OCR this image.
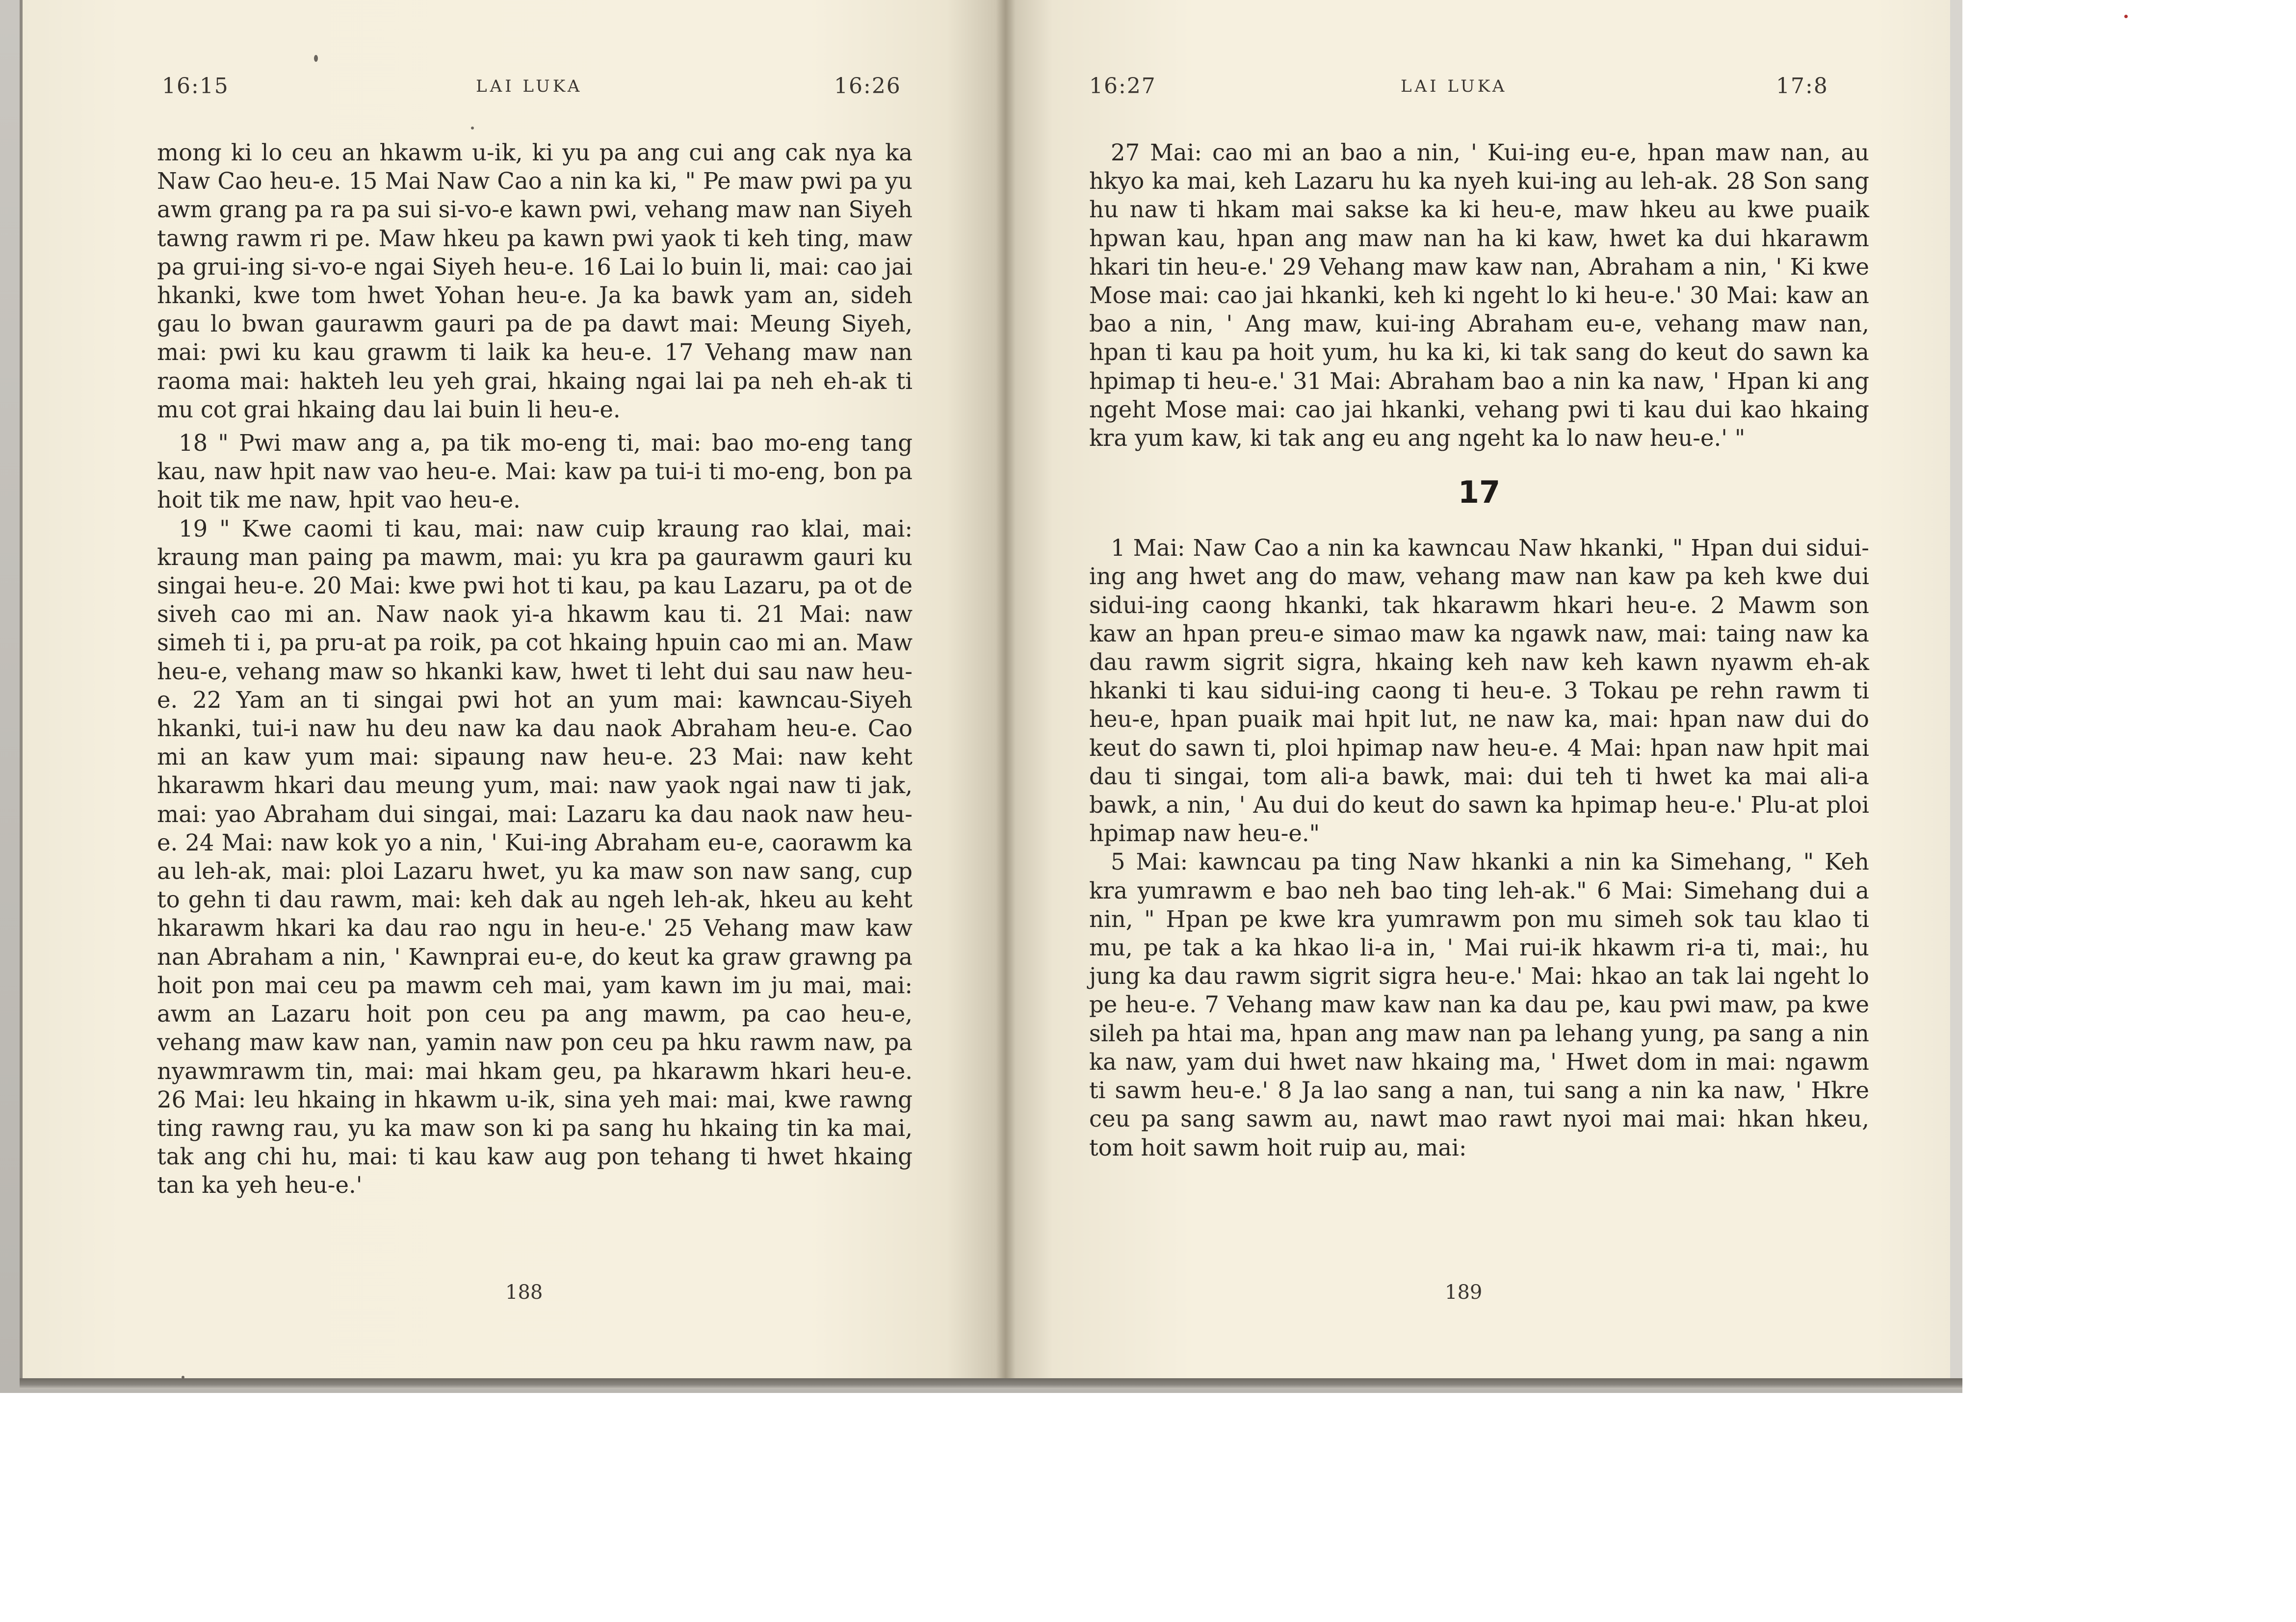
16:15	LAI LUKA	16:26

mong ki lo ceu an hkawm u-ik, ki yu pa ang cui ang cak nya ka Naw Cao heu-e. 15 Mai Naw Cao a nin ka ki, " Pe maw pwi pa yu awm grang pa ra pa sui si-vo-e kawn pwi, vehang maw nan Siyeh tawng rawm ri pe. Maw hkeu pa kawn pwi yaok ti keh ting, maw pa grui-ing si-vo-e ngai Siyeh heu-e. 16 Lai lo buin li, mai: cao jai hkanki, kwe tom hwet Yohan heu-e. Ja ka bawk yam an, sideh gau lo bwan gaurawm gauri pa de pa dawt mai: Meung Siyeh, mai: pwi ku kau grawm ti laik ka heu-e. 17 Vehang maw nan raoma mai: hakteh leu yeh grai, hkaing ngai lai pa neh eh-ak ti mu cot grai hkaing dau lai buin li heu-e.

18 " Pwi maw ang a, pa tik mo-eng ti, mai: bao mo-eng tang kau, naw hpit naw vao heu-e. Mai: kaw pa tui-i ti mo-eng, bon pa hoit tik me naw, hpit vao heu-e.

19 " Kwe caomi ti kau, mai: naw cuip kraung rao klai, mai: kraung man paing pa mawm, mai: yu kra pa gaurawm gauri ku singai heu-e. 20 Mai: kwe pwi hot ti kau, pa kau Lazaru, pa ot de siveh cao mi an. Naw naok yi-a hkawm kau ti. 21 Mai: naw simeh ti i, pa pru-at pa roik, pa cot hkaing hpuin cao mi an. Maw heu-e, vehang maw so hkanki kaw, hwet ti leht dui sau naw heu-e. 22 Yam an ti singai pwi hot an yum mai: kawncau-Siyeh hkanki, tui-i naw hu deu naw ka dau naok Abraham heu-e. Cao mi an kaw yum mai: sipaung naw heu-e. 23 Mai: naw keht hkarawm hkari dau meung yum, mai: naw yaok ngai naw ti jak, mai: yao Abraham dui singai, mai: Lazaru ka dau naok naw heu-e. 24 Mai: naw kok yo a nin, ' Kui-ing Abraham eu-e, caorawm ka au leh-ak, mai: ploi Lazaru hwet, yu ka maw son naw sang, cup to gehn ti dau rawm, mai: keh dak au ngeh leh-ak, hkeu au keht hkarawm hkari ka dau rao ngu in heu-e.' 25 Vehang maw kaw nan Abraham a nin, ' Kawnprai eu-e, do keut ka graw grawng pa hoit pon mai ceu pa mawm ceh mai, yam kawn im ju mai, mai: awm an Lazaru hoit pon ceu pa ang mawm, pa cao heu-e, vehang maw kaw nan, yamin naw pon ceu pa hku rawm naw, pa nyawmrawm tin, mai: mai hkam geu, pa hkarawm hkari heu-e. 26 Mai: leu hkaing in hkawm u-ik, sina yeh mai: mai, kwe rawng ting rawng rau, yu ka maw son ki pa sang hu hkaing tin ka mai, tak ang chi hu, mai: ti kau kaw aug pon tehang ti hwet hkaing tan ka yeh heu-e.'

188
16:27	LAI LUKA	17:8

27 Mai: cao mi an bao a nin, ' Kui-ing eu-e, hpan maw nan, au hkyo ka mai, keh Lazaru hu ka nyeh kui-ing au leh-ak. 28 Son sang hu naw ti hkam mai sakse ka ki heu-e, maw hkeu au kwe puaik hpwan kau, hpan ang maw nan ha ki kaw, hwet ka dui hkarawm hkari tin heu-e.' 29 Vehang maw kaw nan, Abraham a nin, ' Ki kwe Mose mai: cao jai hkanki, keh ki ngeht lo ki heu-e.' 30 Mai: kaw an bao a nin, ' Ang maw, kui-ing Abraham eu-e, vehang maw nan, hpan ti kau pa hoit yum, hu ka ki, ki tak sang do keut do sawn ka hpimap ti heu-e.' 31 Mai: Abraham bao a nin ka naw, ' Hpan ki ang ngeht Mose mai: cao jai hkanki, vehang pwi ti kau dui kao hkaing kra yum kaw, ki tak ang eu ang ngeht ka lo naw heu-e.' "

17

1 Mai: Naw Cao a nin ka kawncau Naw hkanki, " Hpan dui sidui-ing ang hwet ang do maw, vehang maw nan kaw pa keh kwe dui sidui-ing caong hkanki, tak hkarawm hkari heu-e. 2 Mawm son kaw an hpan preu-e simao maw ka ngawk naw, mai: taing naw ka dau rawm sigrit sigra, hkaing keh naw keh kawn nyawm eh-ak hkanki ti kau sidui-ing caong ti heu-e. 3 Tokau pe rehn rawm ti heu-e, hpan puaik mai hpit lut, ne naw ka, mai: hpan naw dui do keut do sawn ti, ploi hpimap naw heu-e. 4 Mai: hpan naw hpit mai dau ti singai, tom ali-a bawk, mai: dui teh ti hwet ka mai ali-a bawk, a nin, ' Au dui do keut do sawn ka hpimap heu-e.' Plu-at ploi hpimap naw heu-e."

5 Mai: kawncau pa ting Naw hkanki a nin ka Simehang, " Keh kra yumrawm e bao neh bao ting leh-ak." 6 Mai: Simehang dui a nin, " Hpan pe kwe kra yumrawm pon mu simeh sok tau klao ti mu, pe tak a ka hkao li-a in, ' Mai rui-ik hkawm ri-a ti, mai:, hu jung ka dau rawm sigrit sigra heu-e.' Mai: hkao an tak lai ngeht lo pe heu-e. 7 Vehang maw kaw nan ka dau pe, kau pwi maw, pa kwe sileh pa htai ma, hpan ang maw nan pa lehang yung, pa sang a nin ka naw, yam dui hwet naw hkaing ma, ' Hwet dom in mai: ngawm ti sawm heu-e.' 8 Ja lao sang a nan, tui sang a nin ka naw, ' Hkre ceu pa sang sawm au, nawt mao rawt nyoi mai mai: hkan hkeu, tom hoit sawm hoit ruip au, mai:

189
